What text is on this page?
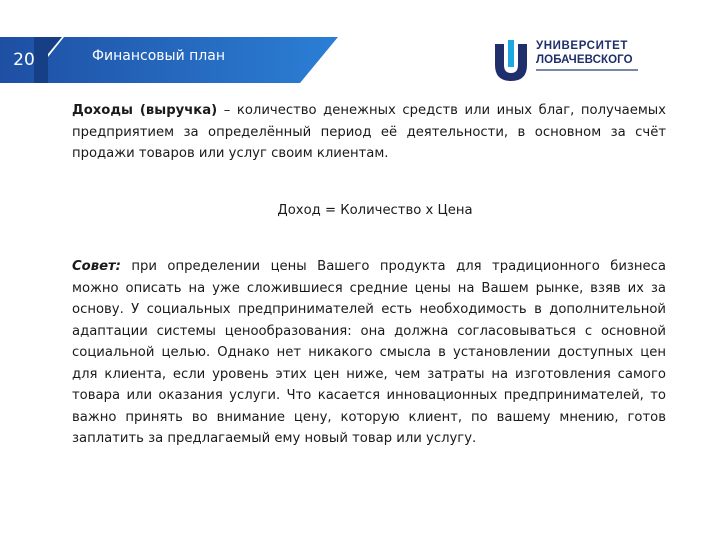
20	Финансовый план
УНИВЕРСИТЕТ
ЛОБАЧЕВСКОГО

Доходы (выручка) – количество денежных средств или иных благ, получаемых предприятием за определённый период её деятельности, в основном за счёт продажи товаров или услуг своим клиентам.

Доход = Количество х Цена

Совет: при определении цены Вашего продукта для традиционного бизнеса можно описать на уже сложившиеся средние цены на Вашем рынке, взяв их за основу. У социальных предпринимателей есть необходимость в дополнительной адаптации системы ценообразования: она должна согласовываться с основной социальной целью. Однако нет никакого смысла в установлении доступных цен для клиента, если уровень этих цен ниже, чем затраты на изготовления самого товара или оказания услуги. Что касается инновационных предпринимателей, то важно принять во внимание цену, которую клиент, по вашему мнению, готов заплатить за предлагаемый ему новый товар или услугу.
